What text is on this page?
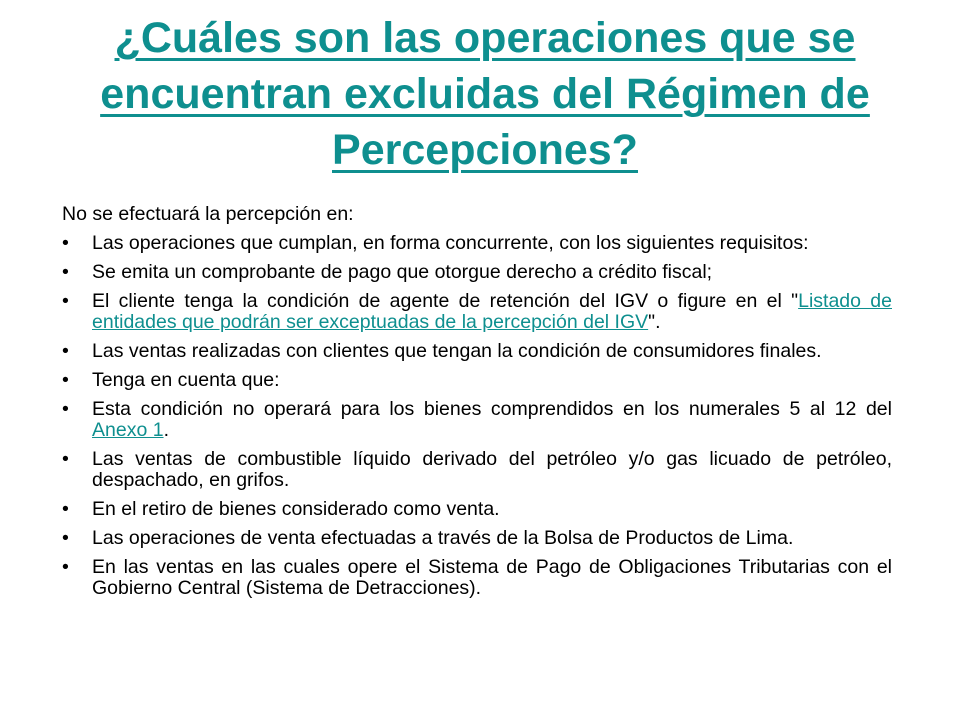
¿Cuáles son las operaciones que se encuentran excluidas del Régimen de Percepciones?

No se efectuará la percepción en:

• Las operaciones que cumplan, en forma concurrente, con los siguientes requisitos:
• Se emita un comprobante de pago que otorgue derecho a crédito fiscal;
• El cliente tenga la condición de agente de retención del IGV o figure en el "Listado de entidades que podrán ser exceptuadas de la percepción del IGV".
• Las ventas realizadas con clientes que tengan la condición de consumidores finales.
• Tenga en cuenta que:
• Esta condición no operará para los bienes comprendidos en los numerales 5 al 12 del Anexo 1.
• Las ventas de combustible líquido derivado del petróleo y/o gas licuado de petróleo, despachado, en grifos.
• En el retiro de bienes considerado como venta.
• Las operaciones de venta efectuadas a través de la Bolsa de Productos de Lima.
• En las ventas en las cuales opere el Sistema de Pago de Obligaciones Tributarias con el Gobierno Central (Sistema de Detracciones).
